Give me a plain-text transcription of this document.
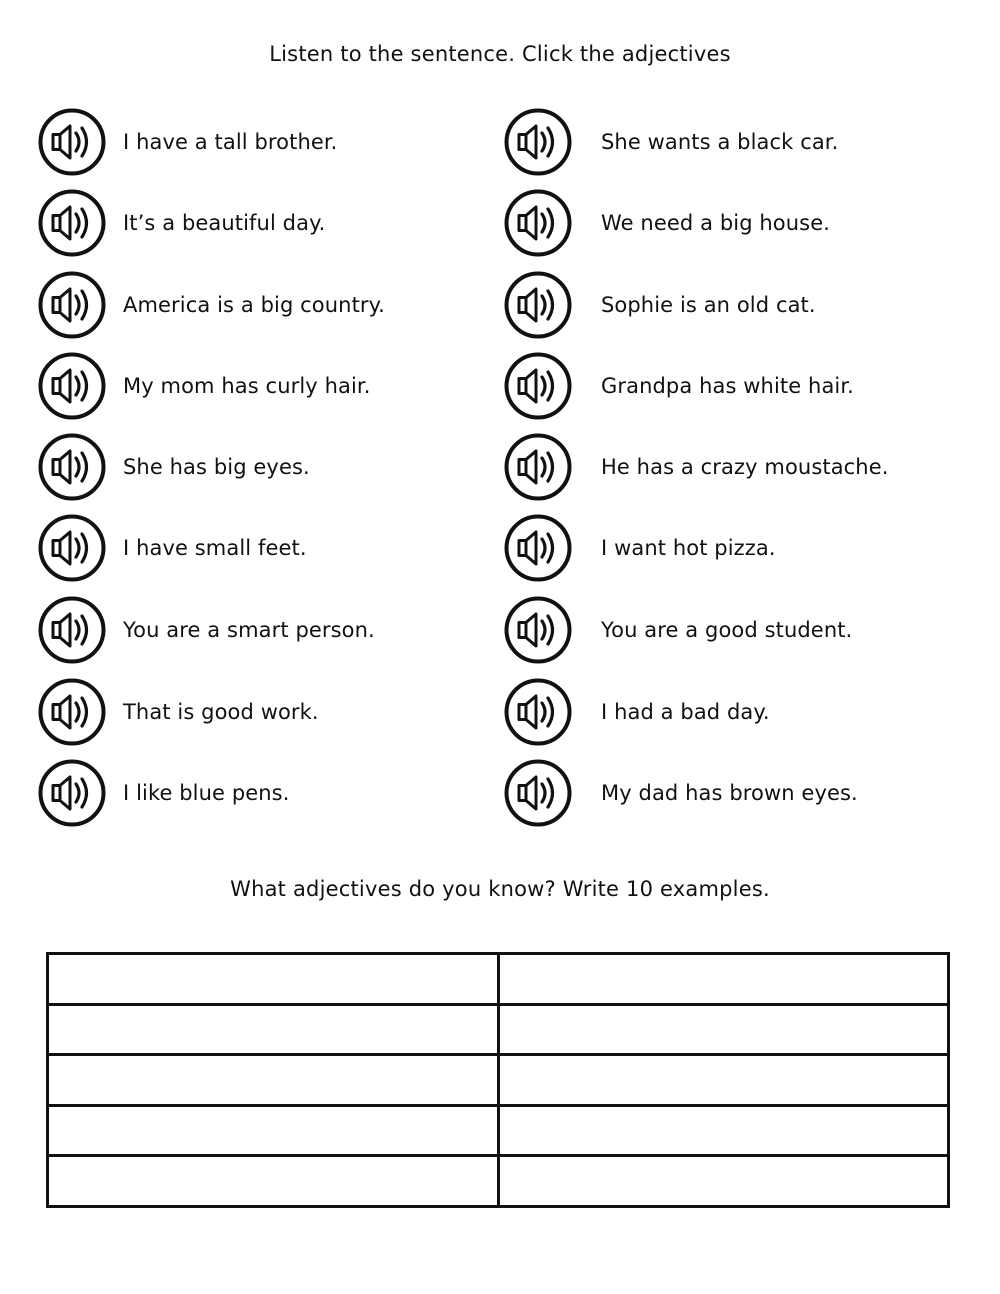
Listen to the sentence. Click the adjectives
I have a tall brother.
It’s a beautiful day.
America is a big country.
My mom has curly hair.
She has big eyes.
I have small feet.
You are a smart person.
That is good work.
I like blue pens.
She wants a black car.
We need a big house.
Sophie is an old cat.
Grandpa has white hair.
He has a crazy moustache.
I want hot pizza.
You are a good student.
I had a bad day.
My dad has brown eyes.
What adjectives do you know? Write 10 examples.
